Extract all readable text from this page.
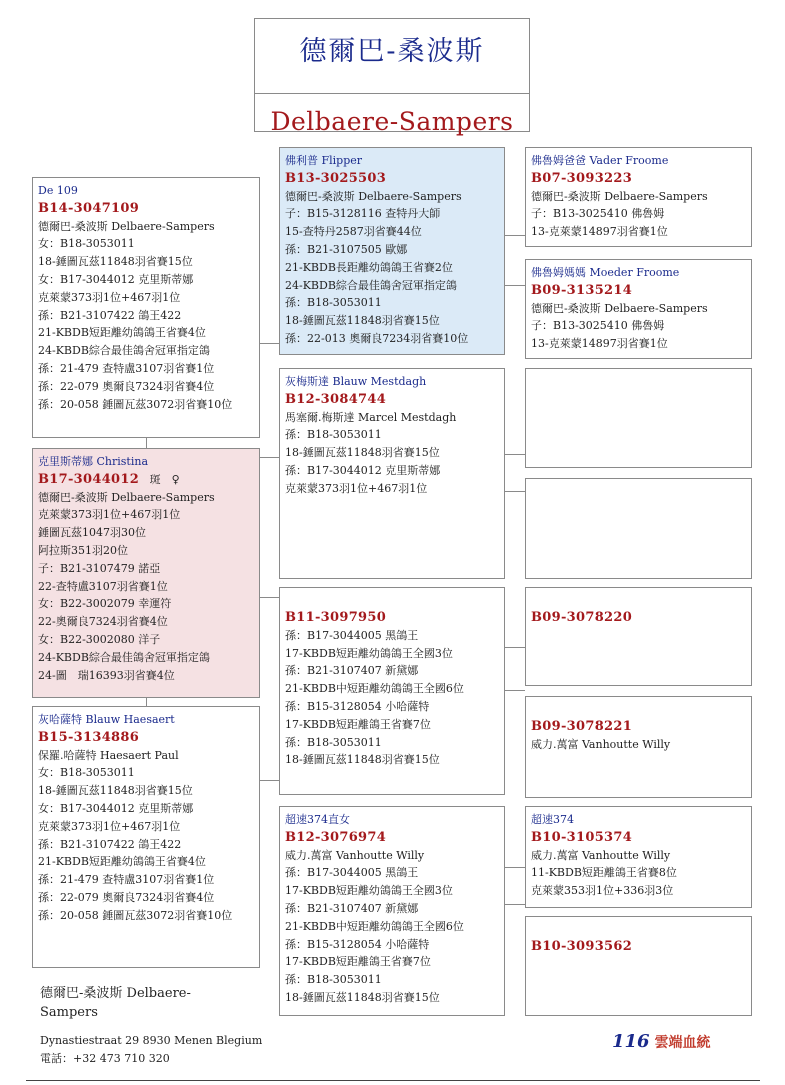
德爾巴-桑波斯
Delbaere-Sampers
De 109
B14-3047109
德爾巴-桑波斯 Delbaere-Sampers
女：B18-3053011
18-錘圖瓦茲11848羽省賽15位
女：B17-3044012 克里斯蒂娜
克萊蒙373羽1位+467羽1位
孫：B21-3107422 鴿王422
21-KBDB短距離幼鴿鴿王省賽4位
24-KBDB綜合最佳鴿舍冠軍指定鴿
孫：21-479 查特盧3107羽省賽1位
孫：22-079 奧爾良7324羽省賽4位
孫：20-058 錘圖瓦茲3072羽省賽10位
克里斯蒂娜 Christina
B17-3044012 斑　♀
德爾巴-桑波斯 Delbaere-Sampers
克萊蒙373羽1位+467羽1位
錘圖瓦茲1047羽30位
阿拉斯351羽20位
子：B21-3107479 諾亞
22-查特盧3107羽省賽1位
女：B22-3002079 幸運符
22-奧爾良7324羽省賽4位
女：B22-3002080 洋子
24-KBDB綜合最佳鴿舍冠軍指定鴿
24-圖　瑞16393羽省賽4位
灰哈薩特 Blauw Haesaert
B15-3134886
保羅.哈薩特 Haesaert Paul
女：B18-3053011
18-錘圖瓦茲11848羽省賽15位
女：B17-3044012 克里斯蒂娜
克萊蒙373羽1位+467羽1位
孫：B21-3107422 鴿王422
21-KBDB短距離幼鴿鴿王省賽4位
孫：21-479 查特盧3107羽省賽1位
孫：22-079 奧爾良7324羽省賽4位
孫：20-058 錘圖瓦茲3072羽省賽10位
佛利普 Flipper
B13-3025503
德爾巴-桑波斯 Delbaere-Sampers
子：B15-3128116 查特丹大師
15-查特丹2587羽省賽44位
孫：B21-3107505 歐娜
21-KBDB長距離幼鴿鴿王省賽2位
24-KBDB綜合最佳鴿舍冠軍指定鴿
孫：B18-3053011
18-錘圖瓦茲11848羽省賽15位
孫：22-013 奧爾良7234羽省賽10位
灰梅斯達 Blauw Mestdagh
B12-3084744
馬塞爾.梅斯達 Marcel Mestdagh
孫：B18-3053011
18-錘圖瓦茲11848羽省賽15位
孫：B17-3044012 克里斯蒂娜
克萊蒙373羽1位+467羽1位
B11-3097950
孫：B17-3044005 黑鴿王
17-KBDB短距離幼鴿鴿王全國3位
孫：B21-3107407 新黛娜
21-KBDB中短距離幼鴿鴿王全國6位
孫：B15-3128054 小哈薩特
17-KBDB短距離鴿王省賽7位
孫：B18-3053011
18-錘圖瓦茲11848羽省賽15位
超速374直女
B12-3076974
威力.萬富 Vanhoutte Willy
孫：B17-3044005 黑鴿王
17-KBDB短距離幼鴿鴿王全國3位
孫：B21-3107407 新黛娜
21-KBDB中短距離幼鴿鴿王全國6位
孫：B15-3128054 小哈薩特
17-KBDB短距離鴿王省賽7位
孫：B18-3053011
18-錘圖瓦茲11848羽省賽15位
佛魯姆爸爸 Vader Froome
B07-3093223
德爾巴-桑波斯 Delbaere-Sampers
子：B13-3025410 佛魯姆
13-克萊蒙14897羽省賽1位
佛魯姆媽媽 Moeder Froome
B09-3135214
德爾巴-桑波斯 Delbaere-Sampers
子：B13-3025410 佛魯姆
13-克萊蒙14897羽省賽1位
B09-3078220
B09-3078221
威力.萬富 Vanhoutte Willy
超速374
B10-3105374
威力.萬富 Vanhoutte Willy
11-KBDB短距離鴿王省賽8位
克萊蒙353羽1位+336羽3位
B10-3093562
德爾巴-桑波斯 Delbaere-Sampers
Dynastiestraat 29 8930 Menen Blegium
電話：+32 473 710 320
116 雲端血統
